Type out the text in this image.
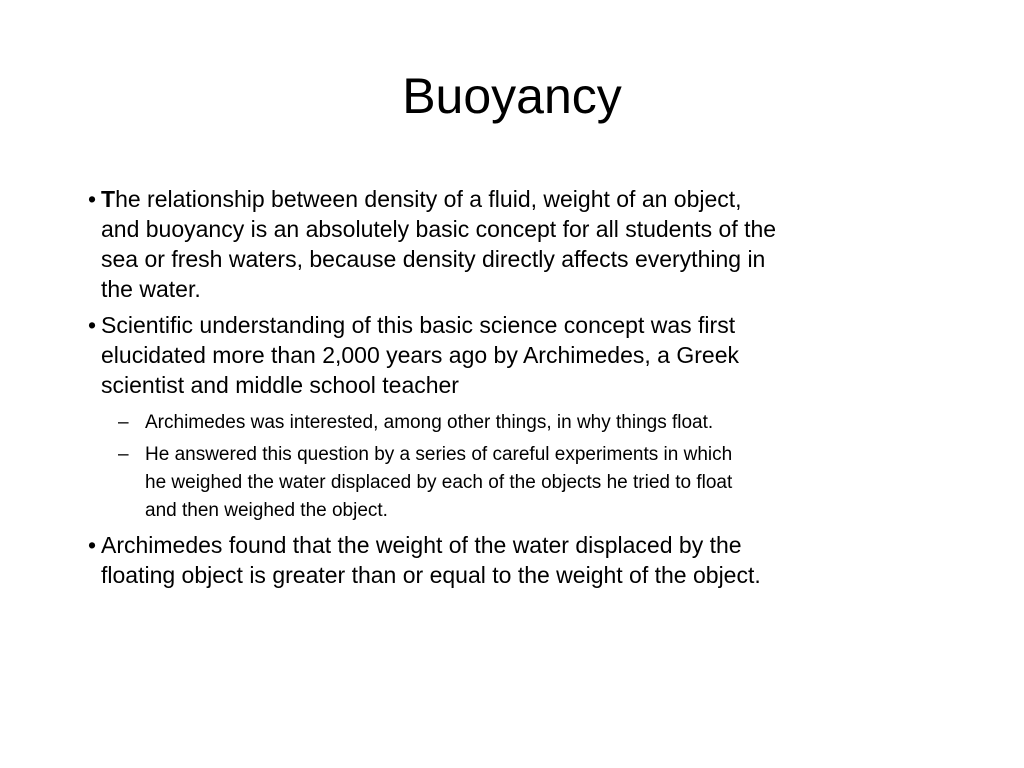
Buoyancy
• The relationship between density of a fluid, weight of an object,
and buoyancy is an absolutely basic concept for all students of the
sea or fresh waters, because density directly affects everything in
the water.
• Scientific understanding of this basic science concept was first
elucidated more than 2,000 years ago by Archimedes, a Greek
scientist and middle school teacher
– Archimedes was interested, among other things, in why things float.
– He answered this question by a series of careful experiments in which
he weighed the water displaced by each of the objects he tried to float
and then weighed the object.
• Archimedes found that the weight of the water displaced by the
floating object is greater than or equal to the weight of the object.
